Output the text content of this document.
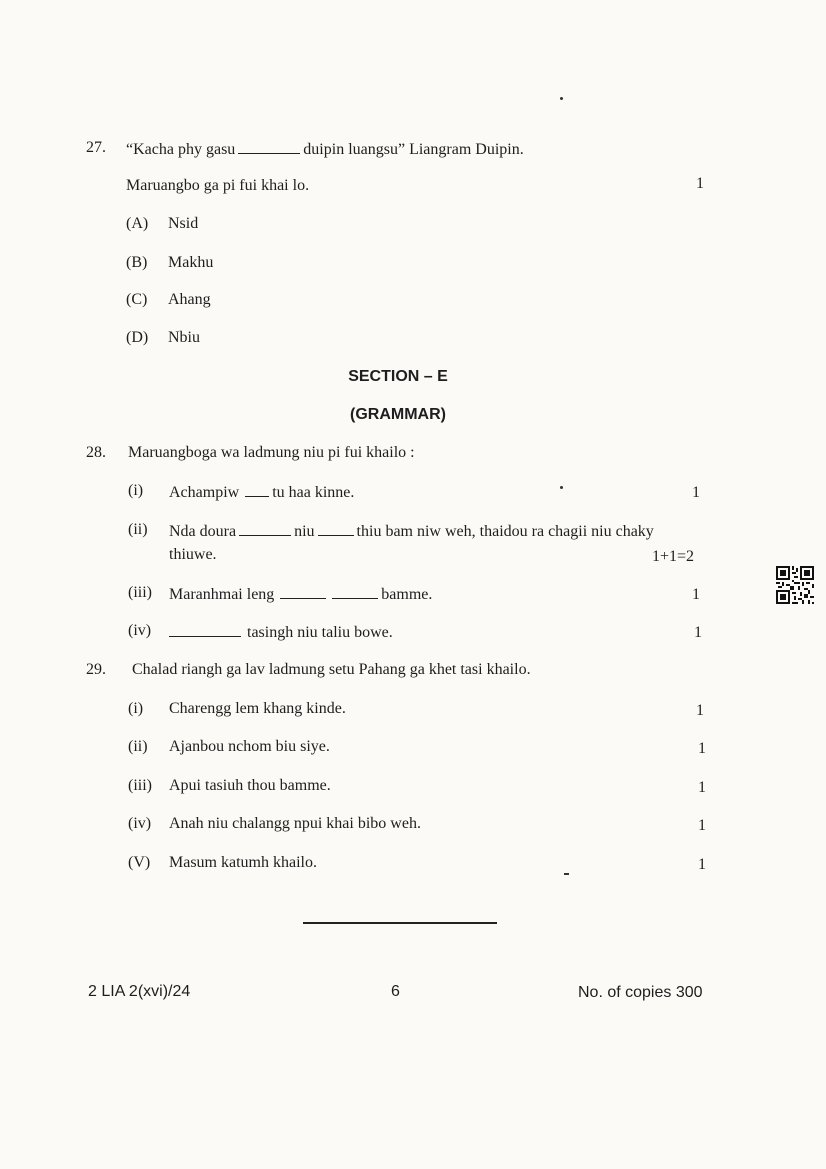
27. “Kacha phy gasu	duipin luangsu” Liangram Duipin.
Maruangbo ga pi fui khai lo.	1
(A) Nsid
(B) Makhu
(C) Ahang
(D) Nbiu
SECTION – E
(GRAMMAR)
28. Maruangboga wa ladmung niu pi fui khailo :
(i) Achampiw tu haa kinne.	1
(ii) Nda doura	niu	thiu bam niw weh, thaidou ra chagii niu chaky
thiuwe.	1+1=2
(iii) Maranhmai leng	bamme.	1
(iv)	tasingh niu taliu bowe.	1
29. Chalad riangh ga lav ladmung setu Pahang ga khet tasi khailo.
(i) Charengg lem khang kinde.	1
(ii) Ajanbou nchom biu siye.	1
(iii) Apui tasiuh thou bamme.	1
(iv) Anah niu chalangg npui khai bibo weh.	1
(V) Masum katumh khailo.	1
2 LIA 2(xvi)/24	6	No. of copies 300
